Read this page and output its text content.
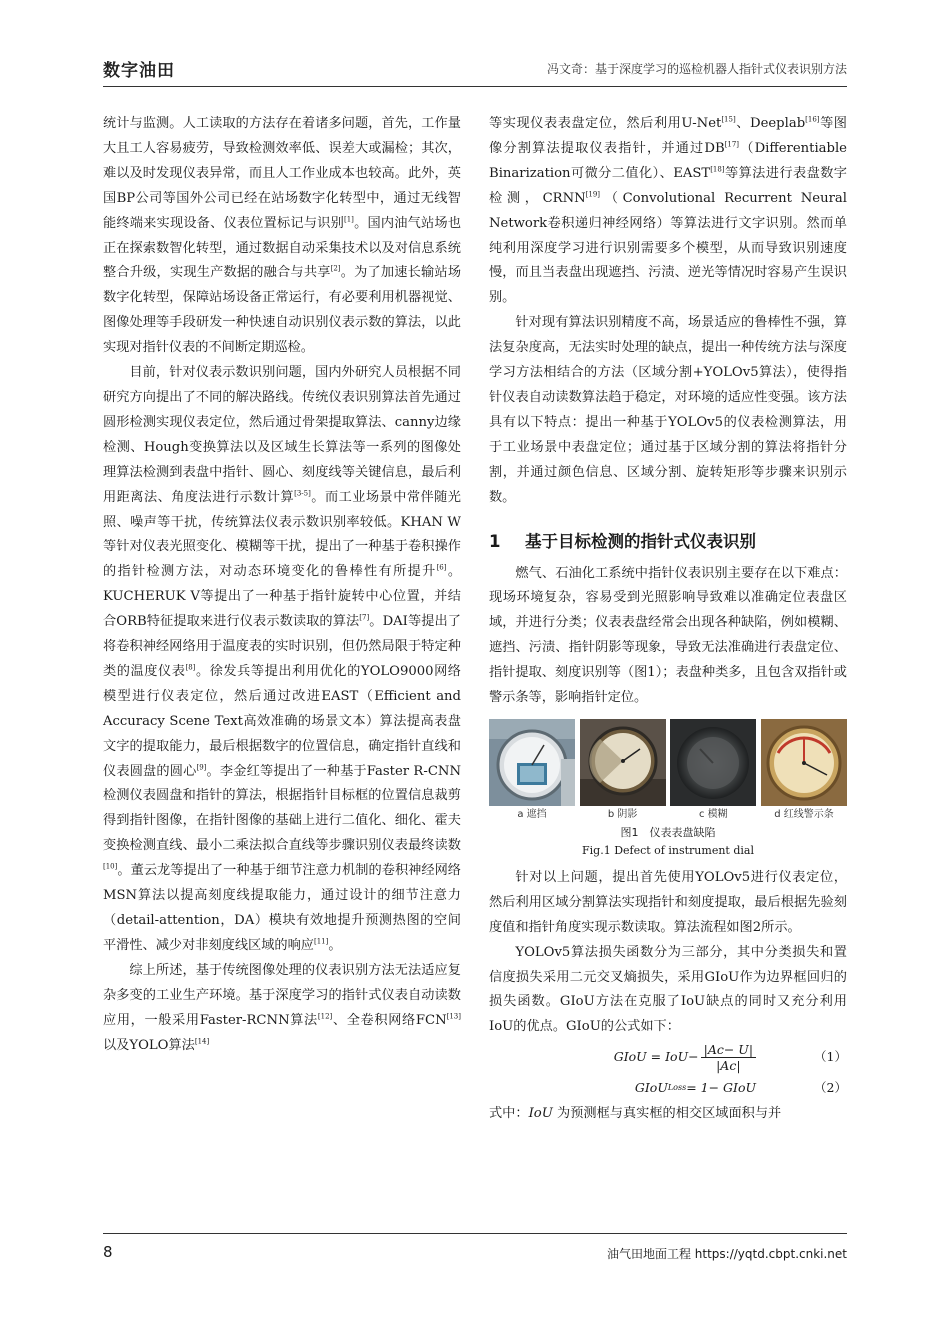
数字油田	冯文奇：基于深度学习的巡检机器人指针式仪表识别方法

统计与监测。人工读取的方法存在着诸多问题，首先，工作量大且工人容易疲劳，导致检测效率低、误差大或漏检；其次，难以及时发现仪表异常，而且人工作业成本也较高。此外，英国BP公司等国外公司已经在站场数字化转型中，通过无线智能终端来实现设备、仪表位置标记与识别[1]。国内油气站场也正在探索数智化转型，通过数据自动采集技术以及对信息系统整合升级，实现生产数据的融合与共享[2]。为了加速长输站场数字化转型，保障站场设备正常运行，有必要利用机器视觉、图像处理等手段研发一种快速自动识别仪表示数的算法，以此实现对指针仪表的不间断定期巡检。

目前，针对仪表示数识别问题，国内外研究人员根据不同研究方向提出了不同的解决路线。传统仪表识别算法首先通过圆形检测实现仪表定位，然后通过骨架提取算法、canny边缘检测、Hough变换算法以及区域生长算法等一系列的图像处理算法检测到表盘中指针、圆心、刻度线等关键信息，最后利用距离法、角度法进行示数计算[3-5]。而工业场景中常伴随光照、噪声等干扰，传统算法仪表示数识别率较低。KHAN W等针对仪表光照变化、模糊等干扰，提出了一种基于卷积操作的指针检测方法，对动态环境变化的鲁棒性有所提升[6]。KUCHERUK V等提出了一种基于指针旋转中心位置，并结合ORB特征提取来进行仪表示数读取的算法[7]。DAI等提出了将卷积神经网络用于温度表的实时识别，但仍然局限于特定种类的温度仪表[8]。徐发兵等提出利用优化的YOLO9000网络模型进行仪表定位，然后通过改进EAST（Efficient and Accuracy Scene Text高效准确的场景文本）算法提高表盘文字的提取能力，最后根据数字的位置信息，确定指针直线和仪表圆盘的圆心[9]。李金红等提出了一种基于Faster R-CNN检测仪表圆盘和指针的算法，根据指针目标框的位置信息裁剪得到指针图像，在指针图像的基础上进行二值化、细化、霍夫变换检测直线、最小二乘法拟合直线等步骤识别仪表最终读数[10]。董云龙等提出了一种基于细节注意力机制的卷积神经网络MSN算法以提高刻度线提取能力，通过设计的细节注意力（detail-attention，DA）模块有效地提升预测热图的空间平滑性、减少对非刻度线区域的响应[11]。

综上所述，基于传统图像处理的仪表识别方法无法适应复杂多变的工业生产环境。基于深度学习的指针式仪表自动读数应用，一般采用Faster-RCNN算法[12]、全卷积网络FCN[13]以及YOLO算法[14]

等实现仪表表盘定位，然后利用U-Net[15]、Deeplab[16]等图像分割算法提取仪表指针，并通过DB[17]（Differentiable Binarization可微分二值化）、EAST[18]等算法进行表盘数字检测，CRNN[19]（Convolutional Recurrent Neural Network卷积递归神经网络）等算法进行文字识别。然而单纯利用深度学习进行识别需要多个模型，从而导致识别速度慢，而且当表盘出现遮挡、污渍、逆光等情况时容易产生误识别。

针对现有算法识别精度不高，场景适应的鲁棒性不强，算法复杂度高，无法实时处理的缺点，提出一种传统方法与深度学习方法相结合的方法（区域分割+YOLOv5算法），使得指针仪表自动读数算法趋于稳定，对环境的适应性变强。该方法具有以下特点：提出一种基于YOLOv5的仪表检测算法，用于工业场景中表盘定位；通过基于区域分割的算法将指针分割，并通过颜色信息、区域分割、旋转矩形等步骤来识别示数。

1 基于目标检测的指针式仪表识别

燃气、石油化工系统中指针仪表识别主要存在以下难点：现场环境复杂，容易受到光照影响导致难以准确定位表盘区域，并进行分类；仪表表盘经常会出现各种缺陷，例如模糊、遮挡、污渍、指针阴影等现象，导致无法准确进行表盘定位、指针提取、刻度识别等（图1）；表盘种类多，且包含双指针或警示条等，影响指针定位。

a 遮挡	b 阴影	c 模糊	d 红线警示条
图1　仪表表盘缺陷
Fig.1 Defect of instrument dial

针对以上问题，提出首先使用YOLOv5进行仪表定位，然后利用区域分割算法实现指针和刻度提取，最后根据先验刻度值和指针角度实现示数读取。算法流程如图2所示。

YOLOv5算法损失函数分为三部分，其中分类损失和置信度损失采用二元交叉熵损失，采用GIoU作为边界框回归的损失函数。GIoU方法在克服了IoU缺点的同时又充分利用IoU的优点。GIoU的公式如下：

GIoU = $IoU- \frac{|Ac- U|}{|Ac|}$	（1）
GIoU Loss = 1− GIoU	（2）

式中：IoU 为预测框与真实框的相交区域面积与并

8	油气田地面工程 https://yqtd.cbpt.cnki.net
